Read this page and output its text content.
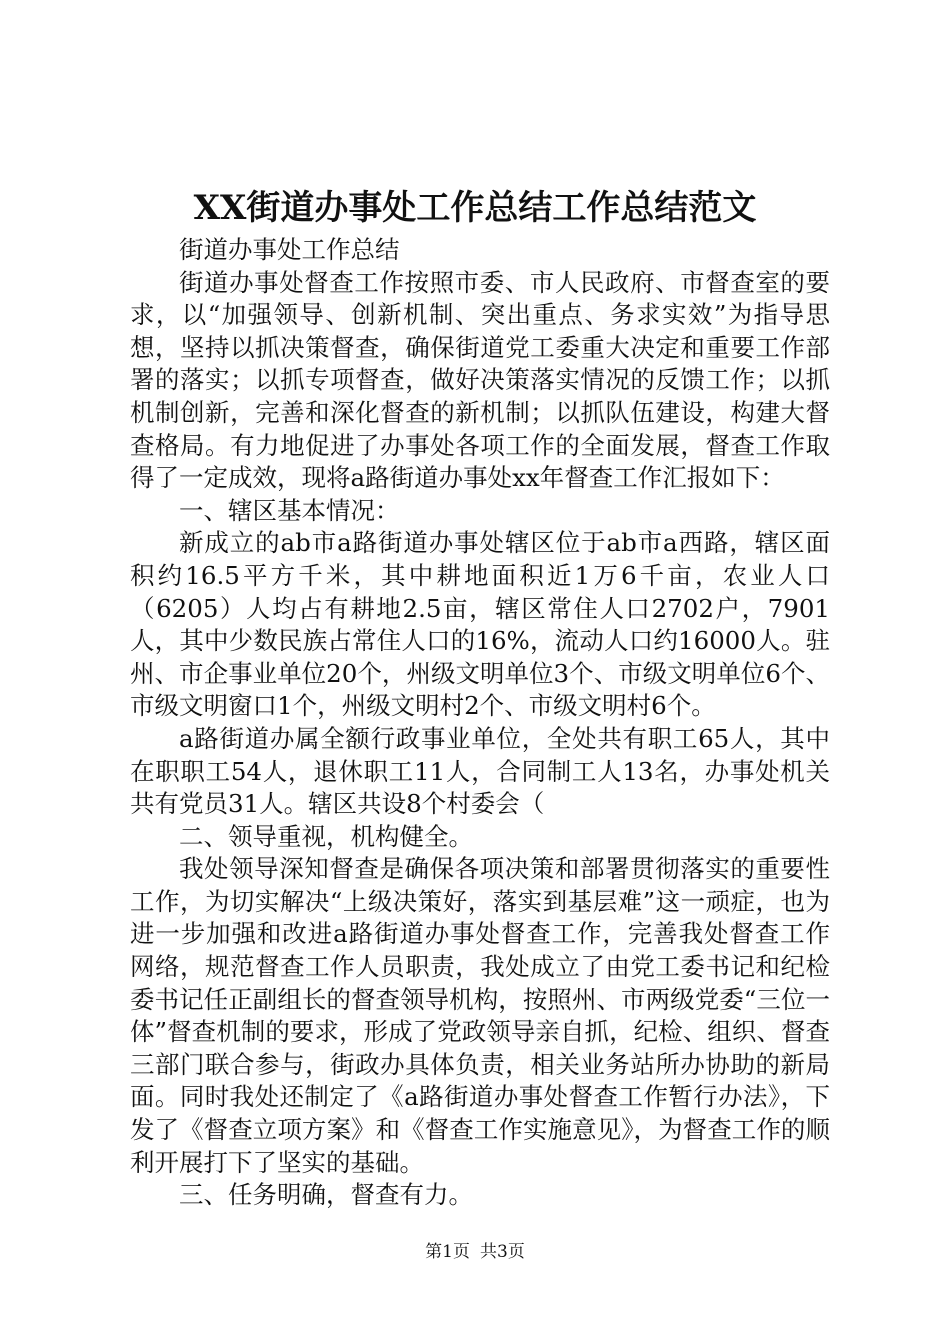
XX街道办事处工作总结工作总结范文

街道办事处工作总结

街道办事处督查工作按照市委、市人民政府、市督查室的要求，以“加强领导、创新机制、突出重点、务求实效”为指导思想，坚持以抓决策督查，确保街道党工委重大决定和重要工作部署的落实；以抓专项督查，做好决策落实情况的反馈工作；以抓机制创新，完善和深化督查的新机制；以抓队伍建设，构建大督查格局。有力地促进了办事处各项工作的全面发展，督查工作取得了一定成效，现将a路街道办事处xx年督查工作汇报如下：

一、辖区基本情况：

新成立的ab市a路街道办事处辖区位于ab市a西路，辖区面积约16.5平方千米，其中耕地面积近1万6千亩，农业人口（6205）人均占有耕地2.5亩，辖区常住人口2702户，7901人，其中少数民族占常住人口的16%，流动人口约16000人。驻州、市企事业单位20个，州级文明单位3个、市级文明单位6个、市级文明窗口1个，州级文明村2个、市级文明村6个。

a路街道办属全额行政事业单位，全处共有职工65人，其中在职职工54人，退休职工11人，合同制工人13名，办事处机关共有党员31人。辖区共设8个村委会（

二、领导重视，机构健全。

我处领导深知督查是确保各项决策和部署贯彻落实的重要性工作，为切实解决“上级决策好，落实到基层难”这一顽症，也为进一步加强和改进a路街道办事处督查工作，完善我处督查工作网络，规范督查工作人员职责，我处成立了由党工委书记和纪检委书记任正副组长的督查领导机构，按照州、市两级党委“三位一体”督查机制的要求，形成了党政领导亲自抓，纪检、组织、督查三部门联合参与，街政办具体负责，相关业务站所办协助的新局面。同时我处还制定了《a路街道办事处督查工作暂行办法》，下发了《督查立项方案》和《督查工作实施意见》，为督查工作的顺利开展打下了坚实的基础。

三、任务明确，督查有力。

第1页 共3页
